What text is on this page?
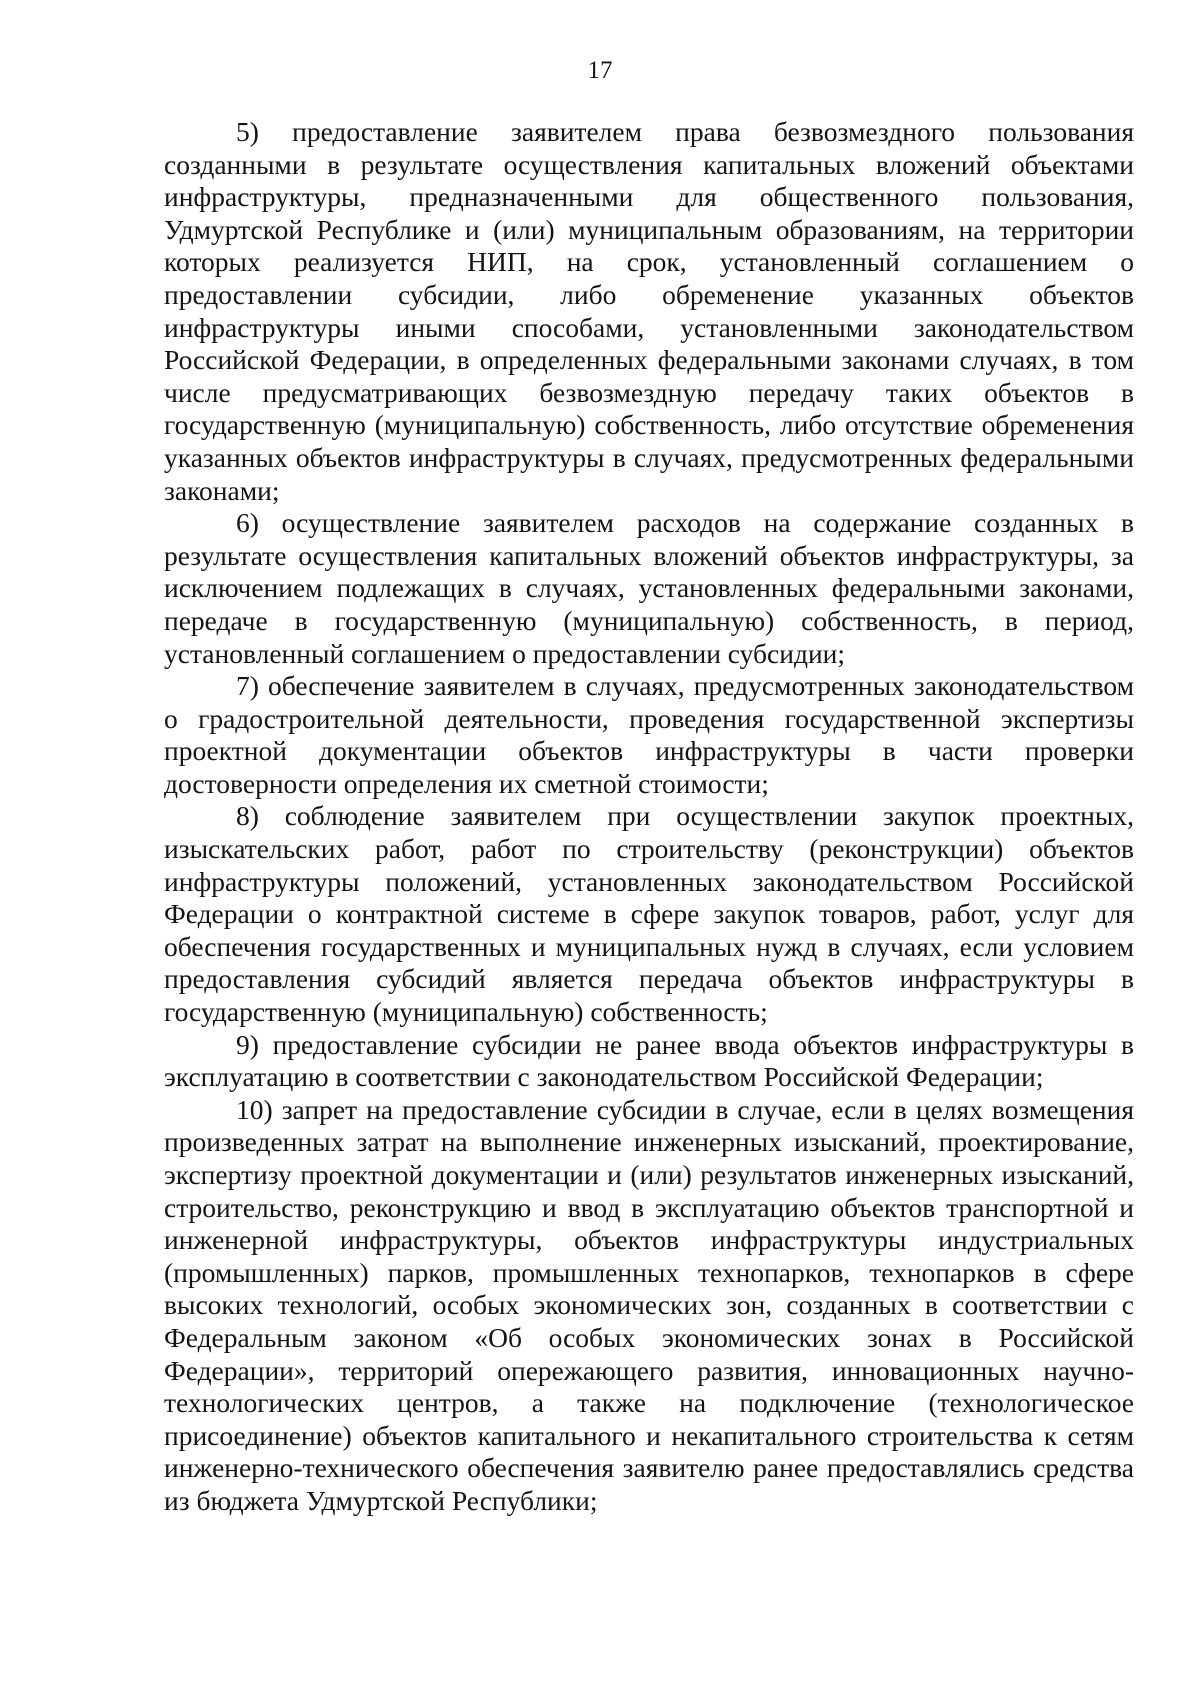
17

5) предоставление заявителем права безвозмездного пользования созданными в результате осуществления капитальных вложений объектами инфраструктуры, предназначенными для общественного пользования, Удмуртской Республике и (или) муниципальным образованиям, на территории которых реализуется НИП, на срок, установленный соглашением о предоставлении субсидии, либо обременение указанных объектов инфраструктуры иными способами, установленными законодательством Российской Федерации, в определенных федеральными законами случаях, в том числе предусматривающих безвозмездную передачу таких объектов в государственную (муниципальную) собственность, либо отсутствие обременения указанных объектов инфраструктуры в случаях, предусмотренных федеральными законами;

6) осуществление заявителем расходов на содержание созданных в результате осуществления капитальных вложений объектов инфраструктуры, за исключением подлежащих в случаях, установленных федеральными законами, передаче в государственную (муниципальную) собственность, в период, установленный соглашением о предоставлении субсидии;

7) обеспечение заявителем в случаях, предусмотренных законодательством о градостроительной деятельности, проведения государственной экспертизы проектной документации объектов инфраструктуры в части проверки достоверности определения их сметной стоимости;

8) соблюдение заявителем при осуществлении закупок проектных, изыскательских работ, работ по строительству (реконструкции) объектов инфраструктуры положений, установленных законодательством Российской Федерации о контрактной системе в сфере закупок товаров, работ, услуг для обеспечения государственных и муниципальных нужд в случаях, если условием предоставления субсидий является передача объектов инфраструктуры в государственную (муниципальную) собственность;

9) предоставление субсидии не ранее ввода объектов инфраструктуры в эксплуатацию в соответствии с законодательством Российской Федерации;

10) запрет на предоставление субсидии в случае, если в целях возмещения произведенных затрат на выполнение инженерных изысканий, проектирование, экспертизу проектной документации и (или) результатов инженерных изысканий, строительство, реконструкцию и ввод в эксплуатацию объектов транспортной и инженерной инфраструктуры, объектов инфраструктуры индустриальных (промышленных) парков, промышленных технопарков, технопарков в сфере высоких технологий, особых экономических зон, созданных в соответствии с Федеральным законом «Об особых экономических зонах в Российской Федерации», территорий опережающего развития, инновационных научно-технологических центров, а также на подключение (технологическое присоединение) объектов капитального и некапитального строительства к сетям инженерно-технического обеспечения заявителю ранее предоставлялись средства из бюджета Удмуртской Республики;
